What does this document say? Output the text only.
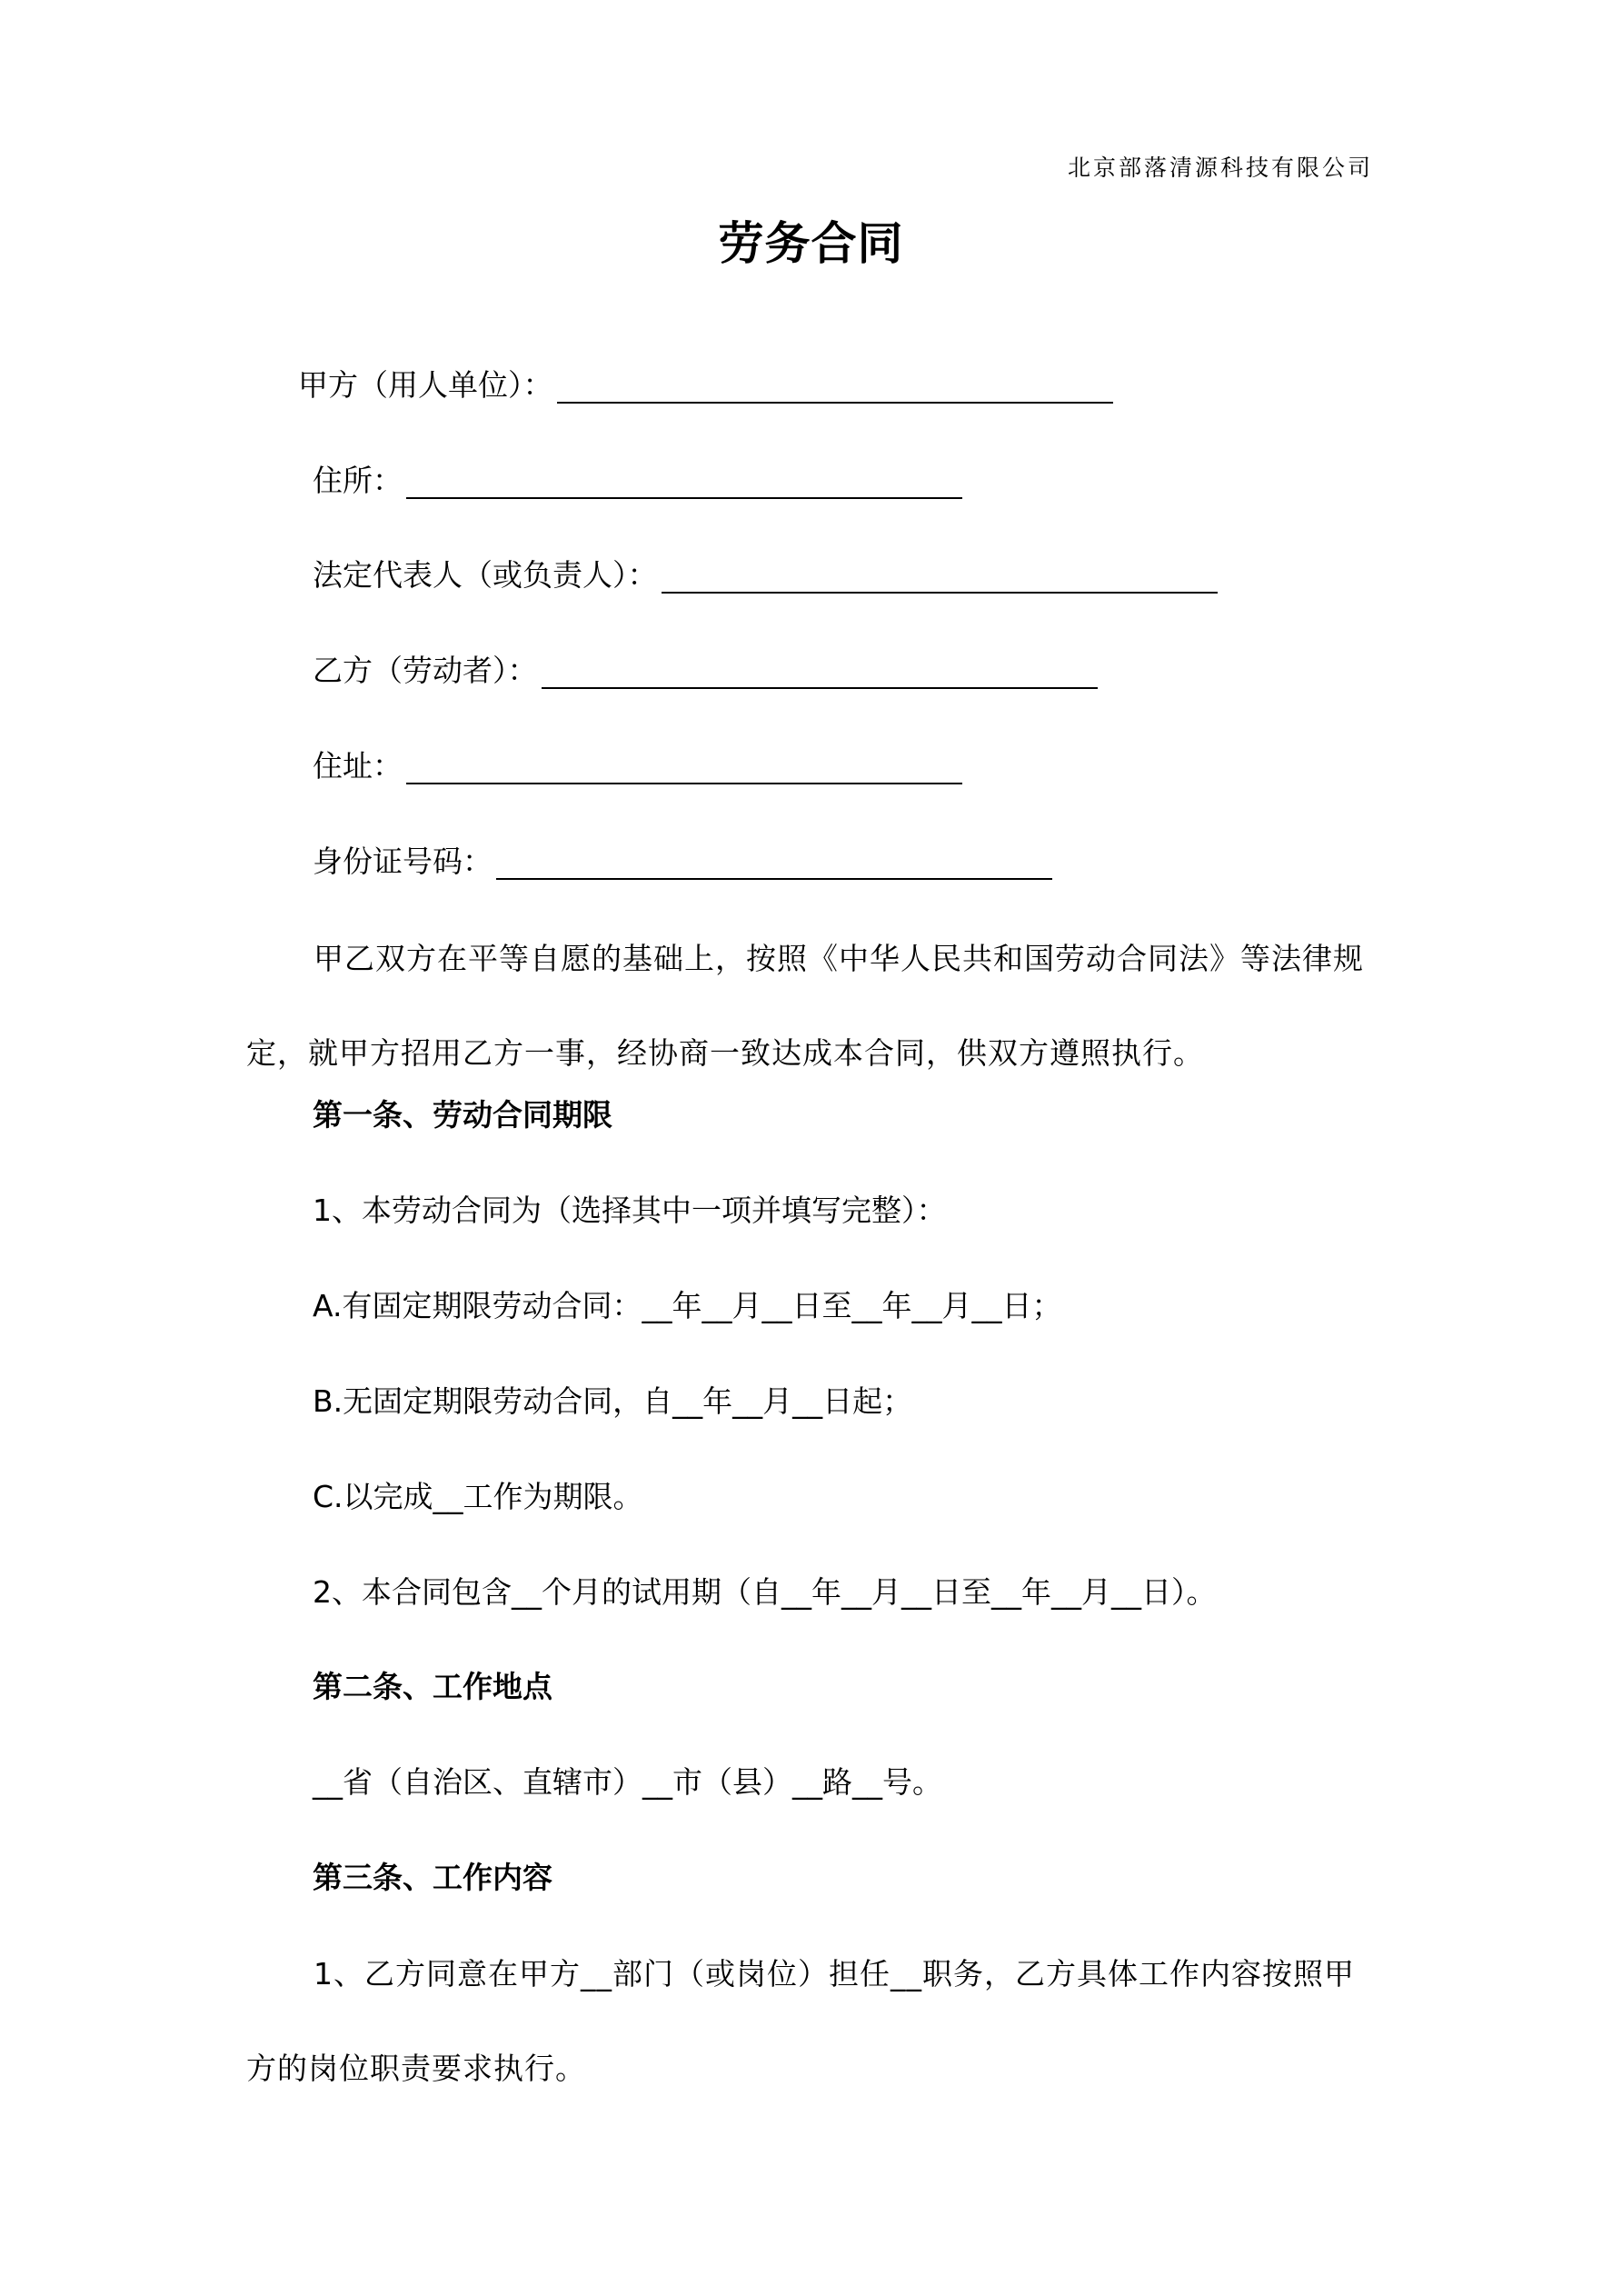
北京部落清源科技有限公司
劳务合同
甲方（用人单位）：
住所：
法定代表人（或负责人）：
乙方（劳动者）：
住址：
身份证号码：
甲乙双方在平等自愿的基础上，按照《中华人民共和国劳动合同法》等法律规定，就甲方招用乙方一事，经协商一致达成本合同，供双方遵照执行。
第一条、劳动合同期限
1、本劳动合同为（选择其中一项并填写完整）：
A.有固定期限劳动合同：__年__月__日至__年__月__日；
B.无固定期限劳动合同，自__年__月__日起；
C.以完成__工作为期限。
2、本合同包含__个月的试用期（自__年__月__日至__年__月__日）。
第二条、工作地点
__省（自治区、直辖市）__市（县）__路__号。
第三条、工作内容
1、乙方同意在甲方__部门（或岗位）担任__职务，乙方具体工作内容按照甲方的岗位职责要求执行。
